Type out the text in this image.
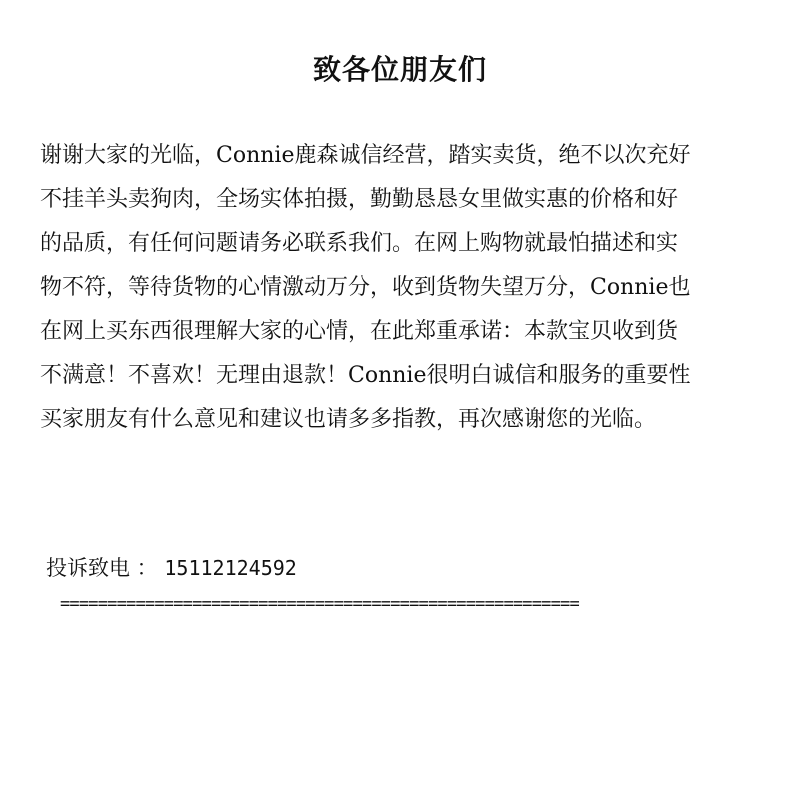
致各位朋友们
谢谢大家的光临，Connie鹿森诚信经营，踏实卖货，绝不以次充好
不挂羊头卖狗肉，全场实体拍摄，勤勤恳恳女里做实惠的价格和好
的品质，有任何问题请务必联系我们。在网上购物就最怕描述和实
物不符，等待货物的心情激动万分，收到货物失望万分，Connie也
在网上买东西很理解大家的心情，在此郑重承诺：本款宝贝收到货
不满意！不喜欢！无理由退款！Connie很明白诚信和服务的重要性
买家朋友有什么意见和建议也请多多指教，再次感谢您的光临。
投诉致电 ： 15112124592
=======================================================
